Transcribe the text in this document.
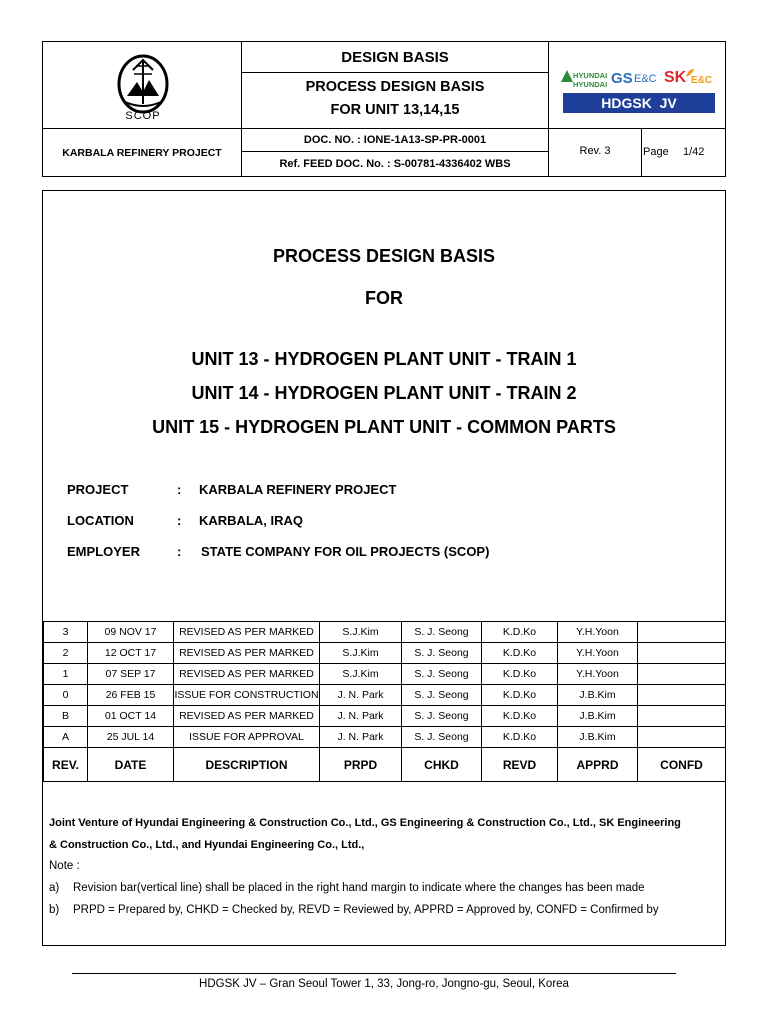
SCOP
KARBALA REFINERY PROJECT
DESIGN BASIS
PROCESS DESIGN BASIS
FOR UNIT 13,14,15
DOC. NO. : IONE-1A13-SP-PR-0001
Ref. FEED DOC. No. : S-00781-4336402 WBS
HYUNDAI
HYUNDAI GS E&C SK E&C
HDGSK  JV
Rev. 3	Page 1/42
PROCESS DESIGN BASIS
FOR
UNIT 13 - HYDROGEN PLANT UNIT - TRAIN 1
UNIT 14 - HYDROGEN PLANT UNIT - TRAIN 2
UNIT 15 - HYDROGEN PLANT UNIT - COMMON PARTS
PROJECT	: KARBALA REFINERY PROJECT
LOCATION	: KARBALA, IRAQ
EMPLOYER	: STATE COMPANY FOR OIL PROJECTS (SCOP)
3	09 NOV 17	REVISED AS PER MARKED	S.J.Kim	S. J. Seong	K.D.Ko	Y.H.Yoon	
2	12 OCT 17	REVISED AS PER MARKED	S.J.Kim	S. J. Seong	K.D.Ko	Y.H.Yoon	
1	07 SEP 17	REVISED AS PER MARKED	S.J.Kim	S. J. Seong	K.D.Ko	Y.H.Yoon	
0	26 FEB 15	ISSUE FOR CONSTRUCTION	J. N. Park	S. J. Seong	K.D.Ko	J.B.Kim	
B	01 OCT 14	REVISED AS PER MARKED	J. N. Park	S. J. Seong	K.D.Ko	J.B.Kim	
A	25 JUL 14	ISSUE FOR APPROVAL	J. N. Park	S. J. Seong	K.D.Ko	J.B.Kim	
REV.	DATE	DESCRIPTION	PRPD	CHKD	REVD	APPRD	CONFD
Joint Venture of Hyundai Engineering & Construction Co., Ltd., GS Engineering & Construction Co., Ltd., SK Engineering
& Construction Co., Ltd., and Hyundai Engineering Co., Ltd.,
Note :
a) Revision bar(vertical line) shall be placed in the right hand margin to indicate where the changes has been made
b) PRPD = Prepared by, CHKD = Checked by, REVD = Reviewed by, APPRD = Approved by, CONFD = Confirmed by
HDGSK JV – Gran Seoul Tower 1, 33, Jong-ro, Jongno-gu, Seoul, Korea
